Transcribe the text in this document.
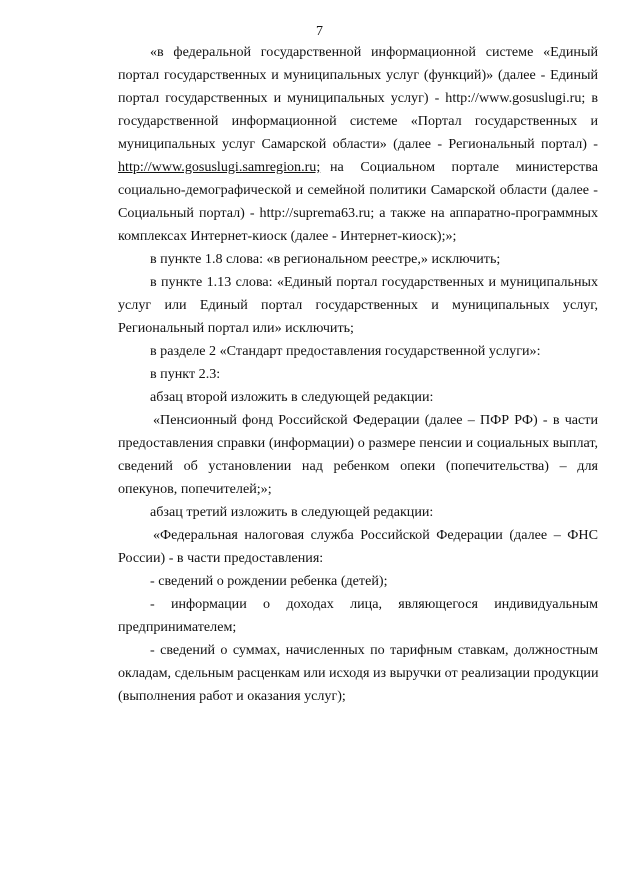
7
«в федеральной государственной информационной системе «Единый
портал государственных и муниципальных услуг (функций)» (далее - Единый
портал государственных и муниципальных услуг) - http://www.gosuslugi.ru; в
государственной информационной системе «Портал государственных и
муниципальных услуг Самарской области» (далее - Региональный портал) -
http://www.gosuslugi.samregion.ru; на Социальном портале министерства
социально-демографической и семейной политики Самарской области (далее -
Социальный портал) - http://suprema63.ru; а также на аппаратно-программных
комплексах Интернет-киоск (далее - Интернет-киоск);»;
в пункте 1.8 слова: «в региональном реестре,» исключить;
в пункте 1.13 слова: «Единый портал государственных и муниципальных
услуг или Единый портал государственных и муниципальных услуг,
Региональный портал или» исключить;
в разделе 2 «Стандарт предоставления государственной услуги»:
в пункт 2.3:
абзац второй изложить в следующей редакции:
«Пенсионный фонд Российской Федерации (далее – ПФР РФ) - в части
предоставления справки (информации) о размере пенсии и социальных выплат,
сведений об установлении над ребенком опеки (попечительства) – для
опекунов, попечителей;»;
абзац третий изложить в следующей редакции:
«Федеральная налоговая служба Российской Федерации (далее – ФНС
России) - в части предоставления:
- сведений о рождении ребенка (детей);
- информации о доходах лица, являющегося индивидуальным
предпринимателем;
- сведений о суммах, начисленных по тарифным ставкам, должностным
окладам, сдельным расценкам или исходя из выручки от реализации продукции
(выполнения работ и оказания услуг);
